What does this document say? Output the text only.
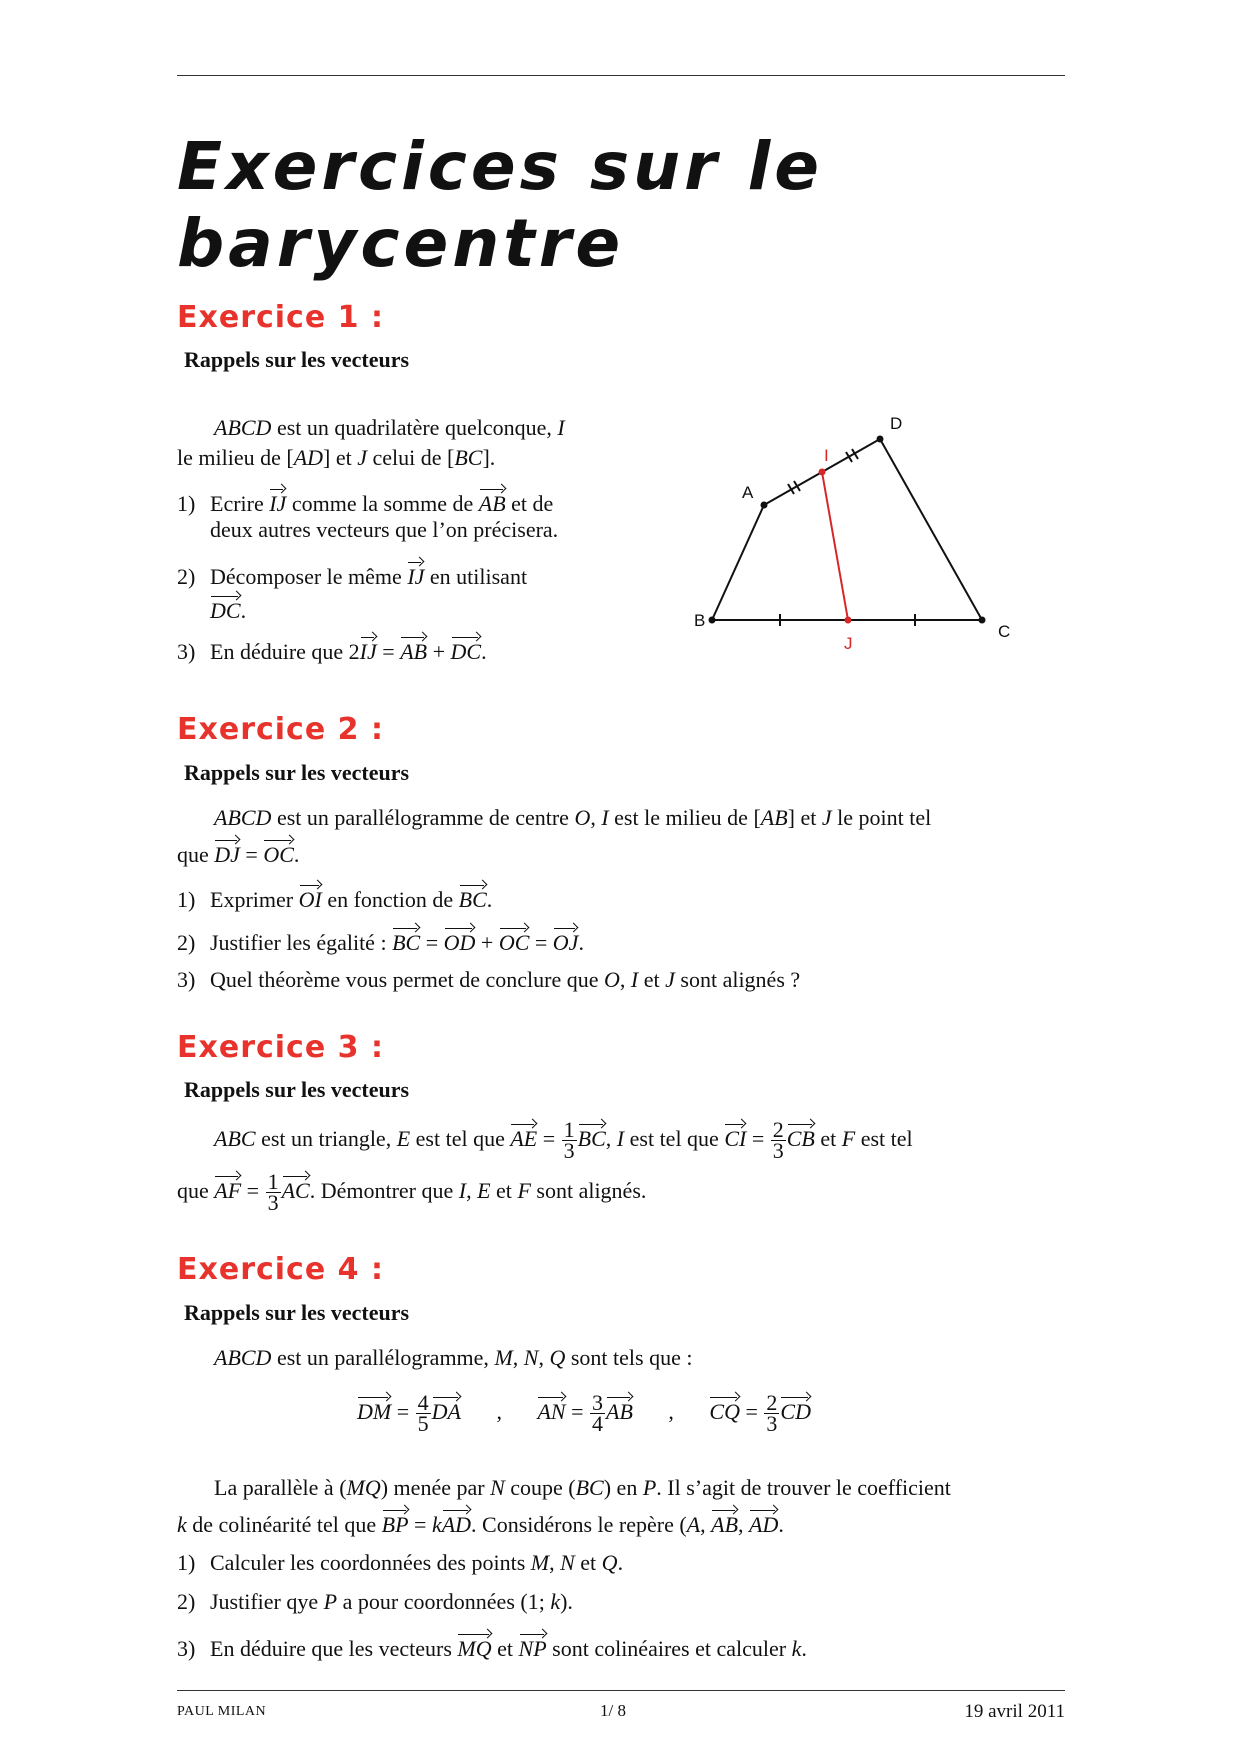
Exercices sur le barycentre
Exercice 1 :
Rappels sur les vecteurs
ABCD est un quadrilatère quelconque, I
le milieu de [AD] et J celui de [BC].
1) Ecrire IJ comme la somme de AB et de
deux autres vecteurs que l’on précisera.
2) Décomposer le même IJ en utilisant
DC.
3) En déduire que 2IJ = AB + DC.
A
B
C
D
I
J
Exercice 2 :
Rappels sur les vecteurs
ABCD est un parallélogramme de centre O, I est le milieu de [AB] et J le point tel
que DJ = OC.
1) Exprimer OI en fonction de BC.
2) Justifier les égalité : BC = OD + OC = OJ.
3) Quel théorème vous permet de conclure que O, I et J sont alignés ?
Exercice 3 :
Rappels sur les vecteurs
ABC est un triangle, E est tel que AE = $\frac{1}{3}$ BC, I est tel que CI = $\frac{2}{3}$ CB et F est tel
que AF = $\frac{1}{3}$ AC. Démontrer que I, E et F sont alignés.
Exercice 4 :
Rappels sur les vecteurs
ABCD est un parallélogramme, M, N, Q sont tels que :
DM = $\frac{4}{5}$ DA , AN = $\frac{3}{4}$ AB , CQ = $\frac{2}{3}$ CD
La parallèle à (MQ) menée par N coupe (BC) en P. Il s’agit de trouver le coefficient
k de colinéarité tel que BP = kAD. Considérons le repère (A, AB, AD.
1) Calculer les coordonnées des points M, N et Q.
2) Justifier qye P a pour coordonnées (1; k).
3) En déduire que les vecteurs MQ et NP sont colinéaires et calculer k.
PAUL MILAN	1/ 8	19 avril 2011
